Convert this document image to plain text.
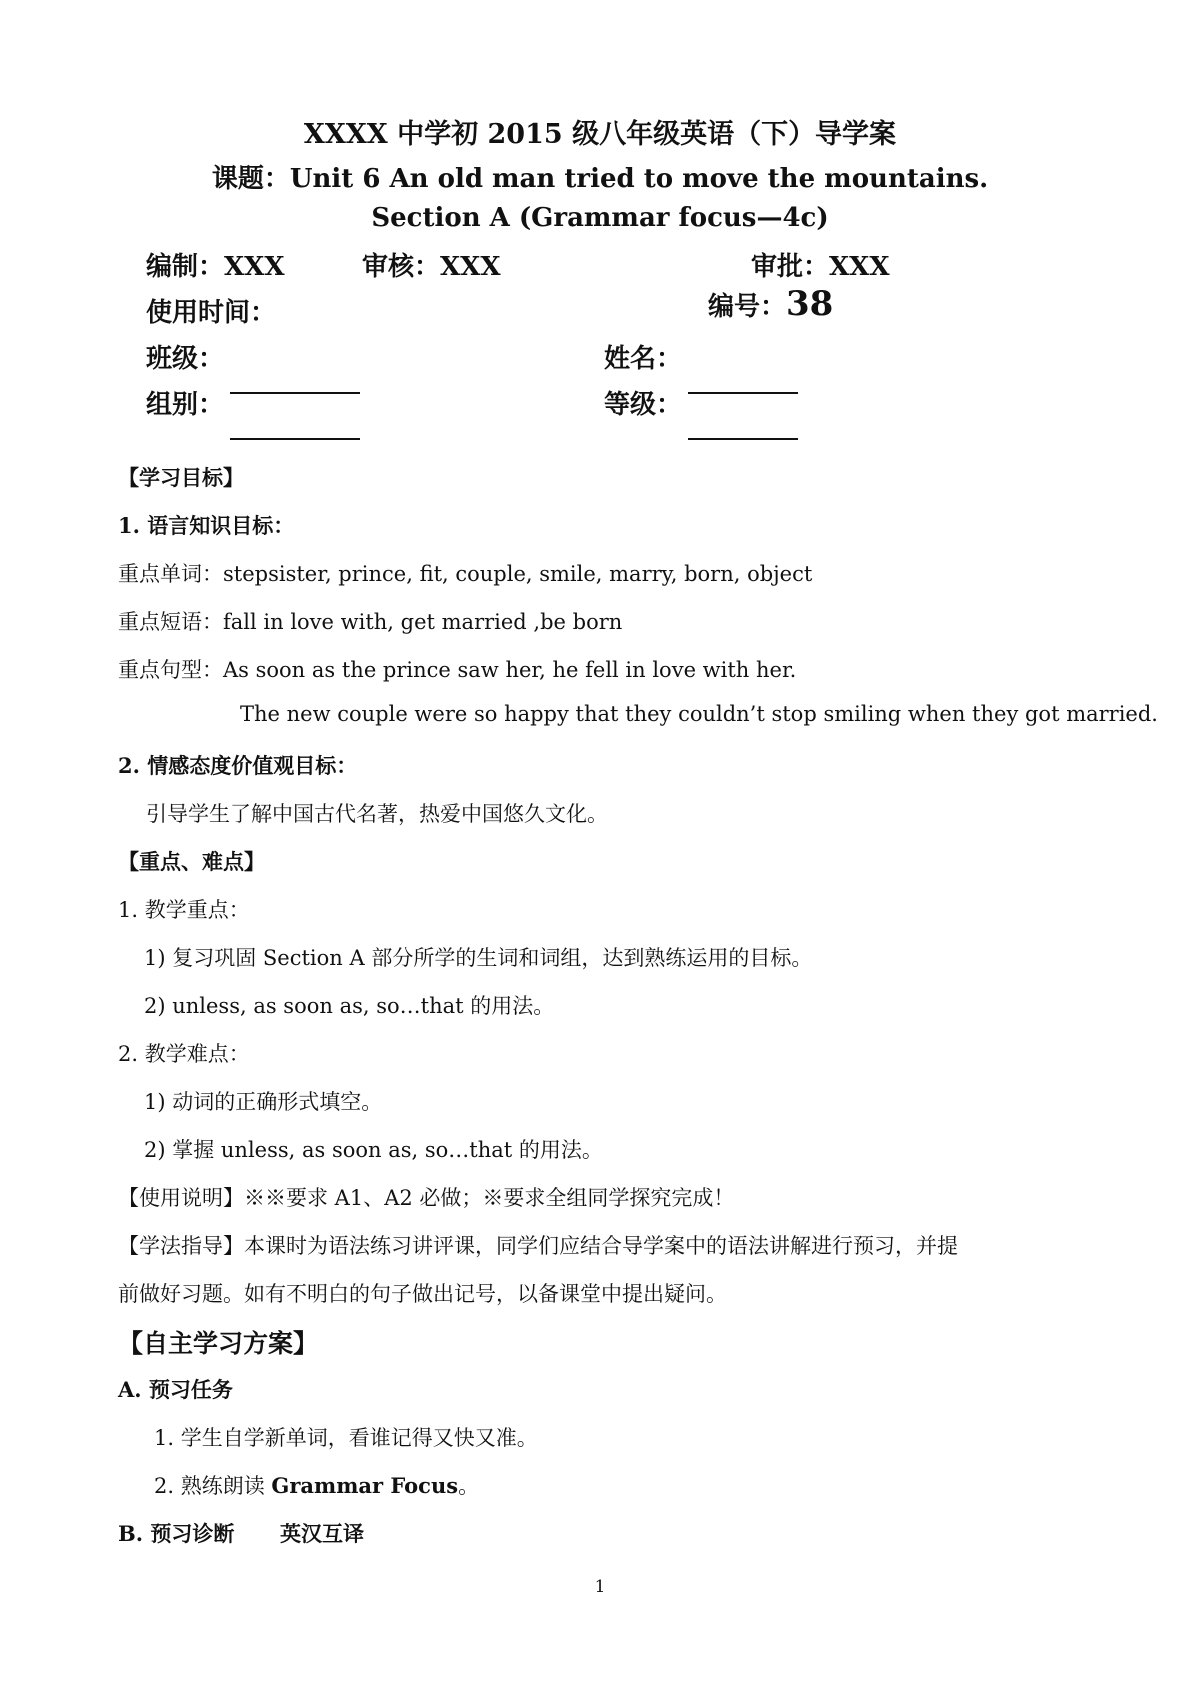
XXXX 中学初 2015 级八年级英语（下）导学案
课题：Unit 6 An old man tried to move the mountains.
Section A (Grammar focus—4c)
编制：XXX	审核：XXX	审批：XXX
使用时间：	编号：38
班级：	姓名：
组别：	等级：
【学习目标】
1. 语言知识目标：
重点单词：stepsister, prince, fit, couple, smile, marry, born, object
重点短语：fall in love with, get married ,be born
重点句型：As soon as the prince saw her, he fell in love with her.
The new couple were so happy that they couldn’t stop smiling when they got married.
2. 情感态度价值观目标：
引导学生了解中国古代名著，热爱中国悠久文化。
【重点、难点】
1. 教学重点：
1) 复习巩固 Section A 部分所学的生词和词组，达到熟练运用的目标。
2) unless, as soon as, so…that 的用法。
2. 教学难点：
1) 动词的正确形式填空。
2) 掌握 unless, as soon as, so…that 的用法。
【使用说明】※※要求 A1、A2 必做；※要求全组同学探究完成！
【学法指导】本课时为语法练习讲评课，同学们应结合导学案中的语法讲解进行预习，并提
前做好习题。如有不明白的句子做出记号，以备课堂中提出疑问。
【自主学习方案】
A. 预习任务
1. 学生自学新单词，看谁记得又快又准。
2. 熟练朗读 Grammar Focus。
B. 预习诊断 英汉互译
1
